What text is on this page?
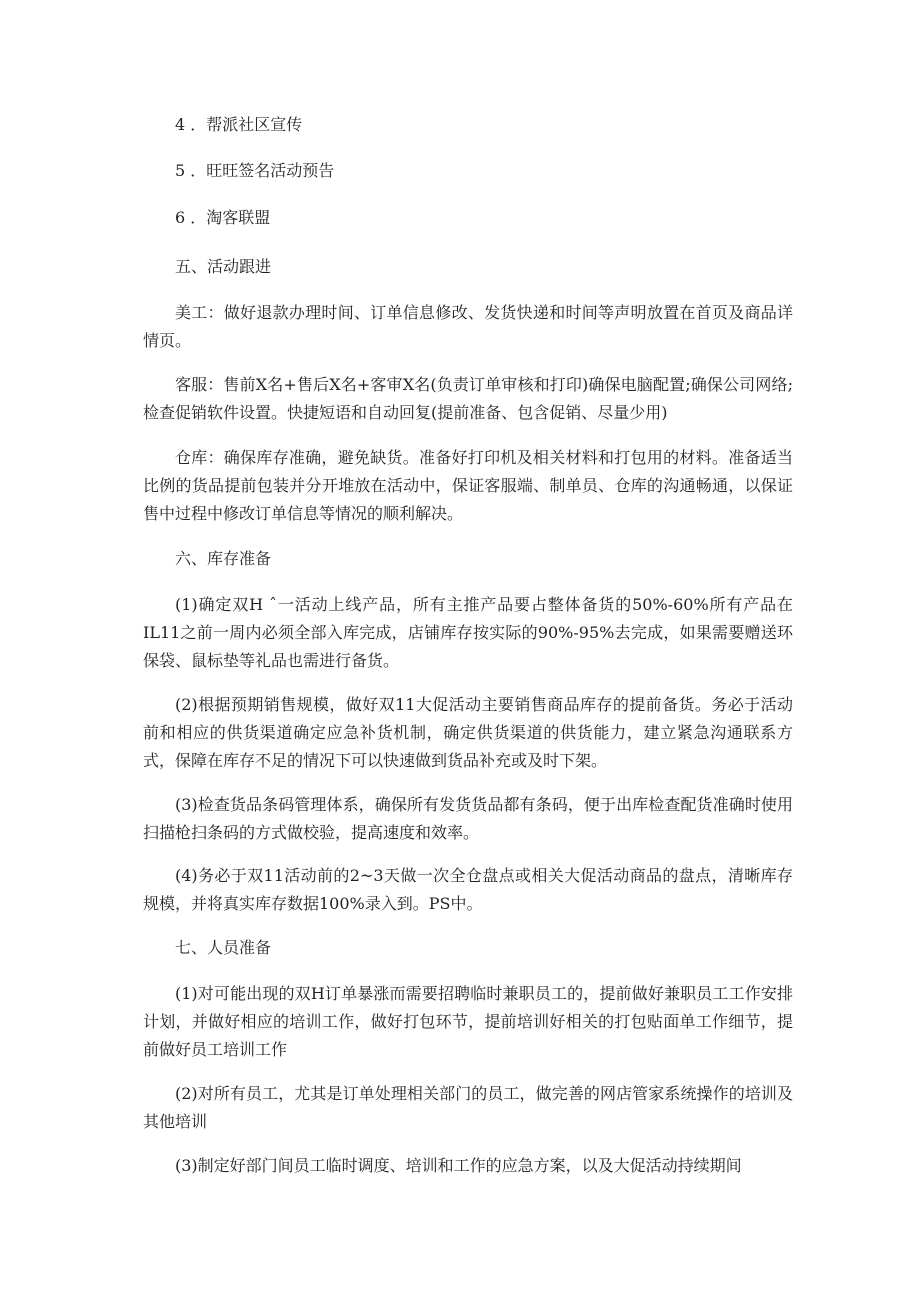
4 ．帮派社区宣传

5 ．旺旺签名活动预告

6 ．淘客联盟

五、活动跟进

美工：做好退款办理时间、订单信息修改、发货快递和时间等声明放置在首页及商品详情页。

客服：售前X名+售后X名+客审X名(负责订单审核和打印)确保电脑配置;确保公司网络;检查促销软件设置。快捷短语和自动回复(提前准备、包含促销、尽量少用)

仓库：确保库存准确，避免缺货。准备好打印机及相关材料和打包用的材料。准备适当比例的货品提前包装并分开堆放在活动中，保证客服端、制单员、仓库的沟通畅通，以保证售中过程中修改订单信息等情况的顺利解决。

六、库存准备

(1)确定双H ˆ一活动上线产品，所有主推产品要占整体备货的50%-60%所有产品在IL11之前一周内必须全部入库完成，店铺库存按实际的90%-95%去完成，如果需要赠送环保袋、鼠标垫等礼品也需进行备货。

(2)根据预期销售规模，做好双11大促活动主要销售商品库存的提前备货。务必于活动前和相应的供货渠道确定应急补货机制，确定供货渠道的供货能力，建立紧急沟通联系方式，保障在库存不足的情况下可以快速做到货品补充或及时下架。

(3)检查货品条码管理体系，确保所有发货货品都有条码，便于出库检查配货准确时使用扫描枪扫条码的方式做校验，提高速度和效率。

(4)务必于双11活动前的2~3天做一次全仓盘点或相关大促活动商品的盘点，清晰库存规模，并将真实库存数据100%录入到。PS中。

七、人员准备

(1)对可能出现的双H订单暴涨而需要招聘临时兼职员工的，提前做好兼职员工工作安排计划，并做好相应的培训工作，做好打包环节，提前培训好相关的打包贴面单工作细节，提前做好员工培训工作

(2)对所有员工，尤其是订单处理相关部门的员工，做完善的网店管家系统操作的培训及其他培训

(3)制定好部门间员工临时调度、培训和工作的应急方案，以及大促活动持续期间
